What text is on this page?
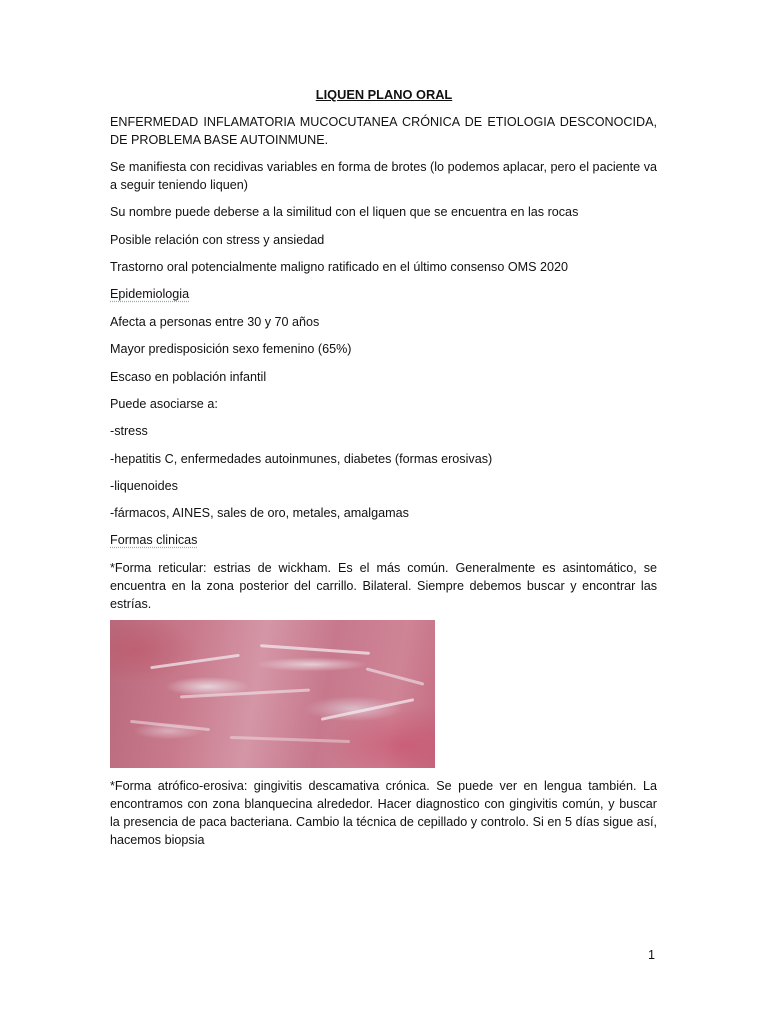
LIQUEN PLANO ORAL

ENFERMEDAD INFLAMATORIA MUCOCUTANEA CRÓNICA DE ETIOLOGIA DESCONOCIDA, DE PROBLEMA BASE AUTOINMUNE.

Se manifiesta con recidivas variables en forma de brotes (lo podemos aplacar, pero el paciente va a seguir teniendo liquen)

Su nombre puede deberse a la similitud con el liquen que se encuentra en las rocas

Posible relación con stress y ansiedad

Trastorno oral potencialmente maligno ratificado en el último consenso OMS 2020

Epidemiologia

Afecta a personas entre 30 y 70 años

Mayor predisposición sexo femenino (65%)

Escaso en población infantil

Puede asociarse a:

-stress

-hepatitis C, enfermedades autoinmunes, diabetes (formas erosivas)

-liquenoides

-fármacos, AINES, sales de oro, metales, amalgamas

Formas clinicas

*Forma reticular: estrias de wickham. Es el más común. Generalmente es asintomático, se encuentra en la zona posterior del carrillo. Bilateral. Siempre debemos buscar y encontrar las estrías.

*Forma atrófico-erosiva: gingivitis descamativa crónica. Se puede ver en lengua también. La encontramos con zona blanquecina alrededor. Hacer diagnostico con gingivitis común, y buscar la presencia de paca bacteriana. Cambio la técnica de cepillado y controlo. Si en 5 días sigue así, hacemos biopsia

1
